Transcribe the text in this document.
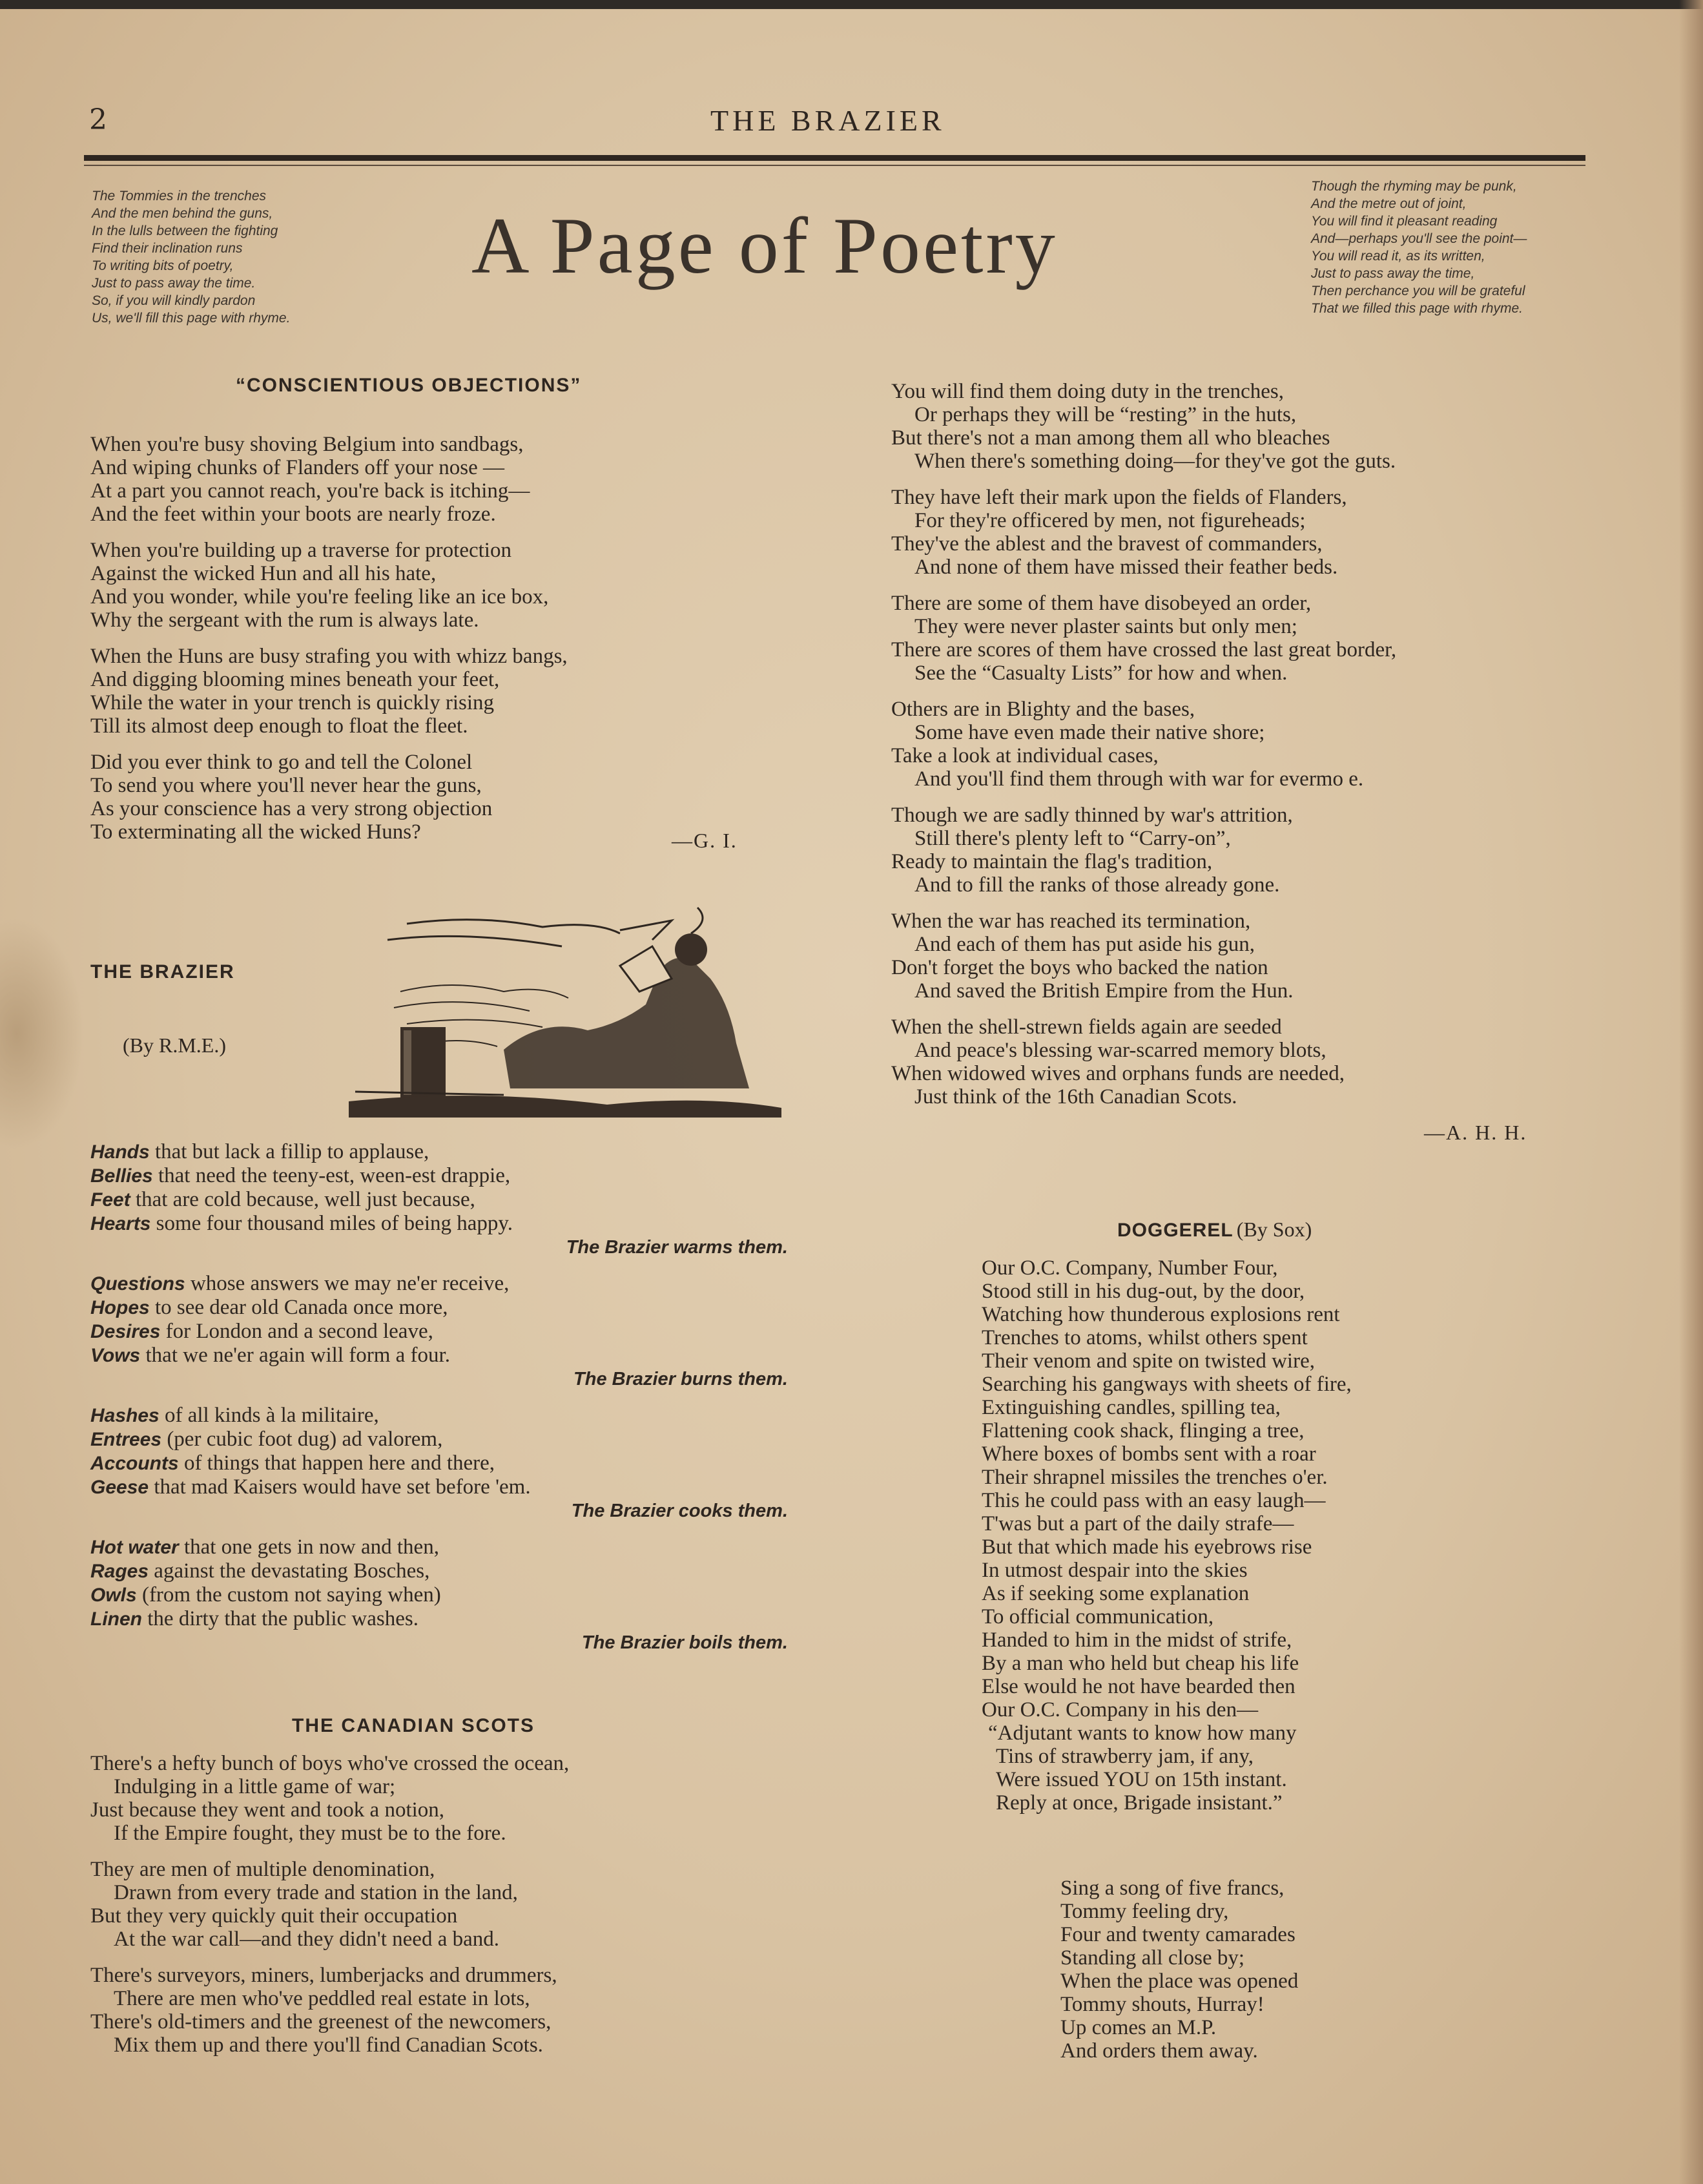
2	THE BRAZIER
The Tommies in the trenches
And the men behind the guns,
In the lulls between the fighting
Find their inclination runs
To writing bits of poetry,
Just to pass away the time.
So, if you will kindly pardon
Us, we'll fill this page with rhyme.
A Page of Poetry
Though the rhyming may be punk,
And the metre out of joint,
You will find it pleasant reading
And—perhaps you'll see the point—
You will read it, as its written,
Just to pass away the time,
Then perchance you will be grateful
That we filled this page with rhyme.
“CONSCIENTIOUS OBJECTIONS”
When you're busy shoving Belgium into sandbags,
And wiping chunks of Flanders off your nose —
At a part you cannot reach, you're back is itching—
And the feet within your boots are nearly froze.
When you're building up a traverse for protection
Against the wicked Hun and all his hate,
And you wonder, while you're feeling like an ice box,
Why the sergeant with the rum is always late.
When the Huns are busy strafing you with whizz bangs,
And digging blooming mines beneath your feet,
While the water in your trench is quickly rising
Till its almost deep enough to float the fleet.
Did you ever think to go and tell the Colonel
To send you where you'll never hear the guns,
As your conscience has a very strong objection
To exterminating all the wicked Huns?	—G. I.
THE BRAZIER
(By R.M.E.)
Hands that but lack a fillip to applause,
Bellies that need the teeny-est, ween-est drappie,
Feet that are cold because, well just because,
Hearts some four thousand miles of being happy.
The Brazier warms them.
Questions whose answers we may ne'er receive,
Hopes to see dear old Canada once more,
Desires for London and a second leave,
Vows that we ne'er again will form a four.
The Brazier burns them.
Hashes of all kinds à la militaire,
Entrees (per cubic foot dug) ad valorem,
Accounts of things that happen here and there,
Geese that mad Kaisers would have set before 'em.
The Brazier cooks them.
Hot water that one gets in now and then,
Rages against the devastating Bosches,
Owls (from the custom not saying when)
Linen the dirty that the public washes.
The Brazier boils them.
THE CANADIAN SCOTS
There's a hefty bunch of boys who've crossed the ocean,
Indulging in a little game of war;
Just because they went and took a notion,
If the Empire fought, they must be to the fore.
They are men of multiple denomination,
Drawn from every trade and station in the land,
But they very quickly quit their occupation
At the war call—and they didn't need a band.
There's surveyors, miners, lumberjacks and drummers,
There are men who've peddled real estate in lots,
There's old-timers and the greenest of the newcomers,
Mix them up and there you'll find Canadian Scots.
You will find them doing duty in the trenches,
Or perhaps they will be “resting” in the huts,
But there's not a man among them all who bleaches
When there's something doing—for they've got the guts.
They have left their mark upon the fields of Flanders,
For they're officered by men, not figureheads;
They've the ablest and the bravest of commanders,
And none of them have missed their feather beds.
There are some of them have disobeyed an order,
They were never plaster saints but only men;
There are scores of them have crossed the last great border,
See the “Casualty Lists” for how and when.
Others are in Blighty and the bases,
Some have even made their native shore;
Take a look at individual cases,
And you'll find them through with war for evermo e.
Though we are sadly thinned by war's attrition,
Still there's plenty left to “Carry-on”,
Ready to maintain the flag's tradition,
And to fill the ranks of those already gone.
When the war has reached its termination,
And each of them has put aside his gun,
Don't forget the boys who backed the nation
And saved the British Empire from the Hun.
When the shell-strewn fields again are seeded
And peace's blessing war-scarred memory blots,
When widowed wives and orphans funds are needed,
Just think of the 16th Canadian Scots.
—A. H. H.
DOGGEREL (By Sox)
Our O.C. Company, Number Four,
Stood still in his dug-out, by the door,
Watching how thunderous explosions rent
Trenches to atoms, whilst others spent
Their venom and spite on twisted wire,
Searching his gangways with sheets of fire,
Extinguishing candles, spilling tea,
Flattening cook shack, flinging a tree,
Where boxes of bombs sent with a roar
Their shrapnel missiles the trenches o'er.
This he could pass with an easy laugh—
T'was but a part of the daily strafe—
But that which made his eyebrows rise
In utmost despair into the skies
As if seeking some explanation
To official communication,
Handed to him in the midst of strife,
By a man who held but cheap his life
Else would he not have bearded then
Our O.C. Company in his den—
“Adjutant wants to know how many
Tins of strawberry jam, if any,
Were issued YOU on 15th instant.
Reply at once, Brigade insistant.”
Sing a song of five francs,
Tommy feeling dry,
Four and twenty camarades
Standing all close by;
When the place was opened
Tommy shouts, Hurray!
Up comes an M.P.
And orders them away.
